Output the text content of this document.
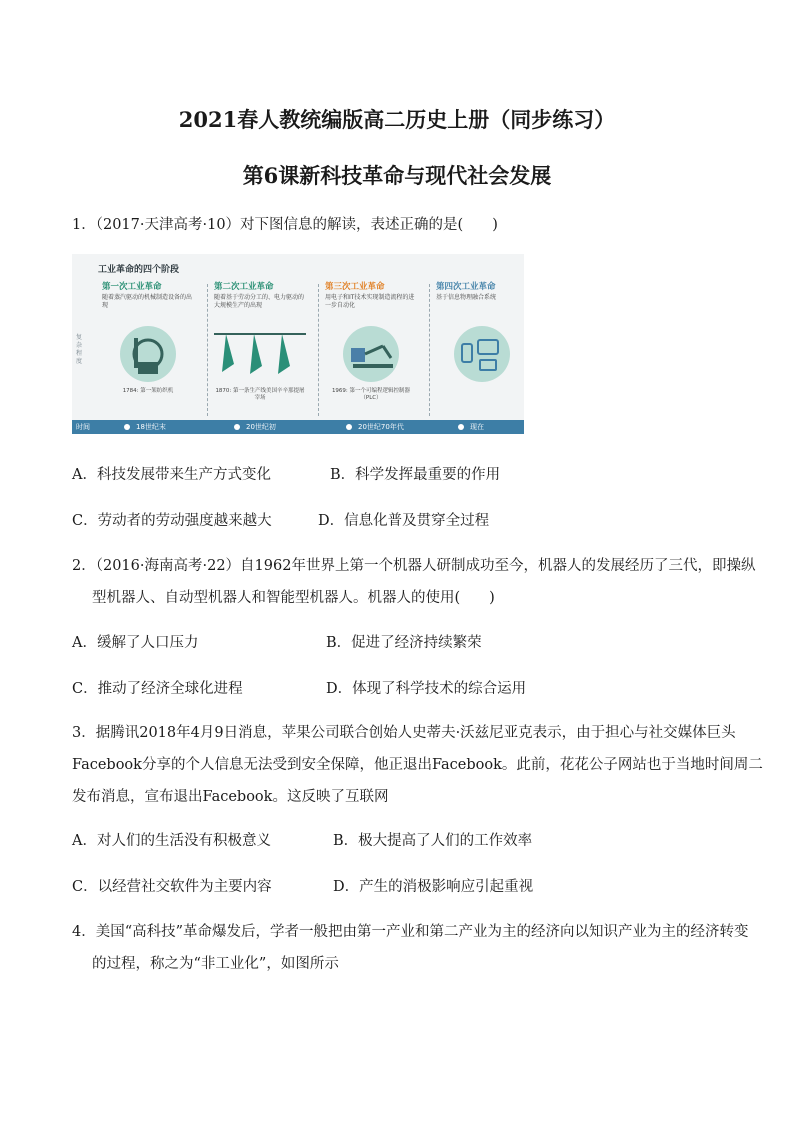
2021春人教统编版高二历史上册（同步练习）
第6课新科技革命与现代社会发展
1．（2017·天津高考·10）对下图信息的解读，表述正确的是(　　)
工业革命的四个阶段
复杂程度
第一次工业革命
随着蒸汽驱动的机械制造设备的出现
1784: 第一架纺织机
第二次工业革命
随着基于劳动分工的、电力驱动的大规模生产的出现
1870: 第一条生产线美国辛辛那提屠宰场
第三次工业革命
用电子和IT技术实现制造流程的进一步自动化
1969: 第一个可编程逻辑控制器（PLC）
第四次工业革命
基于信息物理融合系统
时间	18世纪末	20世纪初	20世纪70年代	现在
A．科技发展带来生产方式变化	B．科学发挥最重要的作用
C．劳动者的劳动强度越来越大	D．信息化普及贯穿全过程
2．（2016·海南高考·22）自1962年世界上第一个机器人研制成功至今，机器人的发展经历了三代，即操纵
型机器人、自动型机器人和智能型机器人。机器人的使用(　　)
A．缓解了人口压力	B．促进了经济持续繁荣
C．推动了经济全球化进程	D．体现了科学技术的综合运用
3．据腾讯2018年4月9日消息，苹果公司联合创始人史蒂夫·沃兹尼亚克表示，由于担心与社交媒体巨头
Facebook分享的个人信息无法受到安全保障，他正退出Facebook。此前，花花公子网站也于当地时间周二
发布消息，宣布退出Facebook。这反映了互联网
A．对人们的生活没有积极意义	B．极大提高了人们的工作效率
C．以经营社交软件为主要内容	D．产生的消极影响应引起重视
4．美国“高科技”革命爆发后，学者一般把由第一产业和第二产业为主的经济向以知识产业为主的经济转变
的过程，称之为“非工业化”，如图所示
